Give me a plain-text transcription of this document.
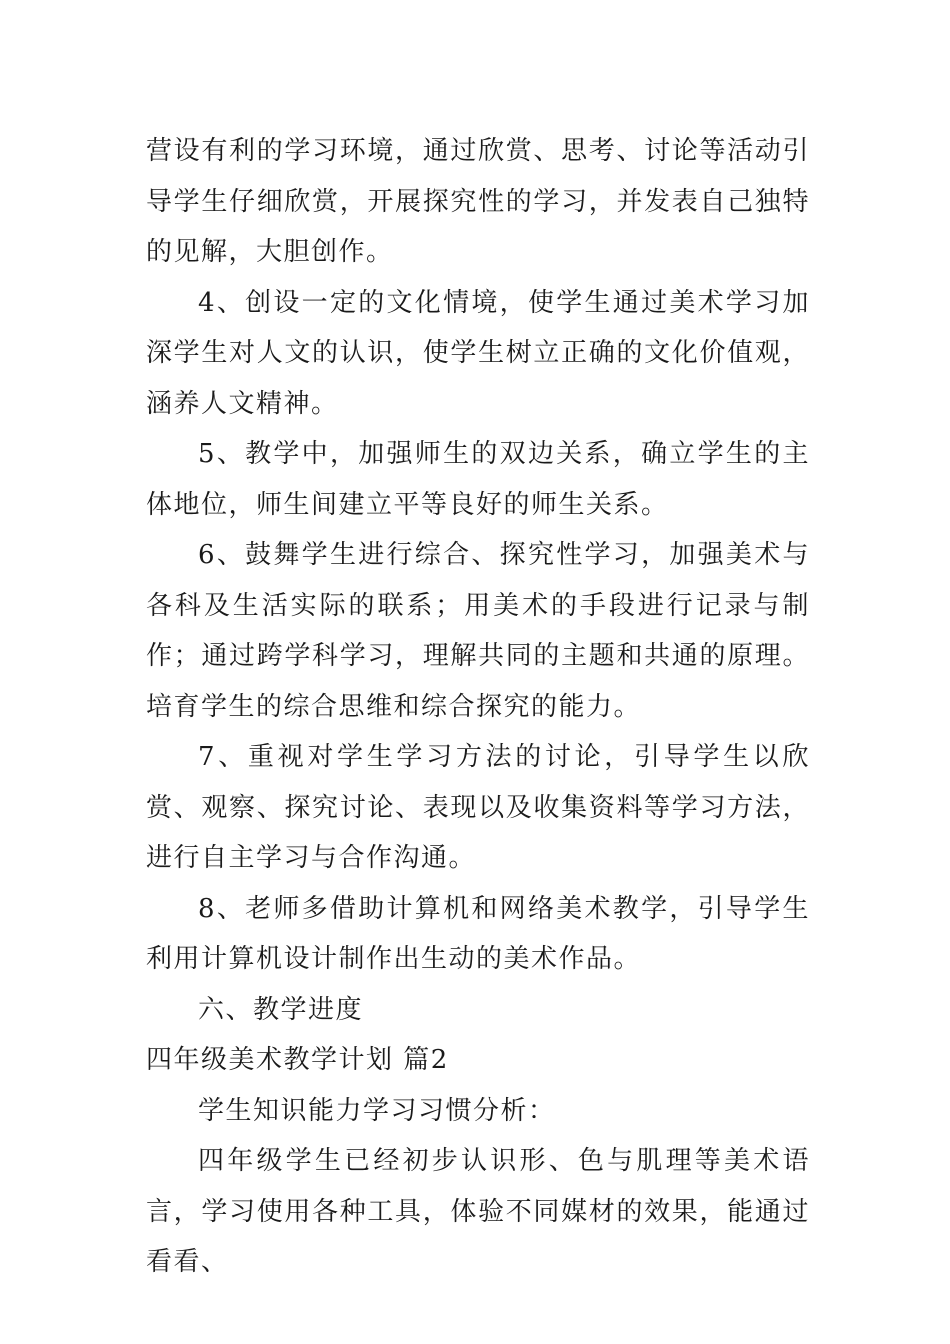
营设有利的学习环境，通过欣赏、思考、讨论等活动引导学生仔细欣赏，开展探究性的学习，并发表自己独特的见解，大胆创作。

4、创设一定的文化情境，使学生通过美术学习加深学生对人文的认识，使学生树立正确的文化价值观，涵养人文精神。

5、教学中，加强师生的双边关系，确立学生的主体地位，师生间建立平等良好的师生关系。

6、鼓舞学生进行综合、探究性学习，加强美术与各科及生活实际的联系；用美术的手段进行记录与制作；通过跨学科学习，理解共同的主题和共通的原理。培育学生的综合思维和综合探究的能力。

7、重视对学生学习方法的讨论，引导学生以欣赏、观察、探究讨论、表现以及收集资料等学习方法，进行自主学习与合作沟通。

8、老师多借助计算机和网络美术教学，引导学生利用计算机设计制作出生动的美术作品。

六、教学进度

四年级美术教学计划 篇2

学生知识能力学习习惯分析：

四年级学生已经初步认识形、色与肌理等美术语言，学习使用各种工具，体验不同媒材的效果，能通过看看、
